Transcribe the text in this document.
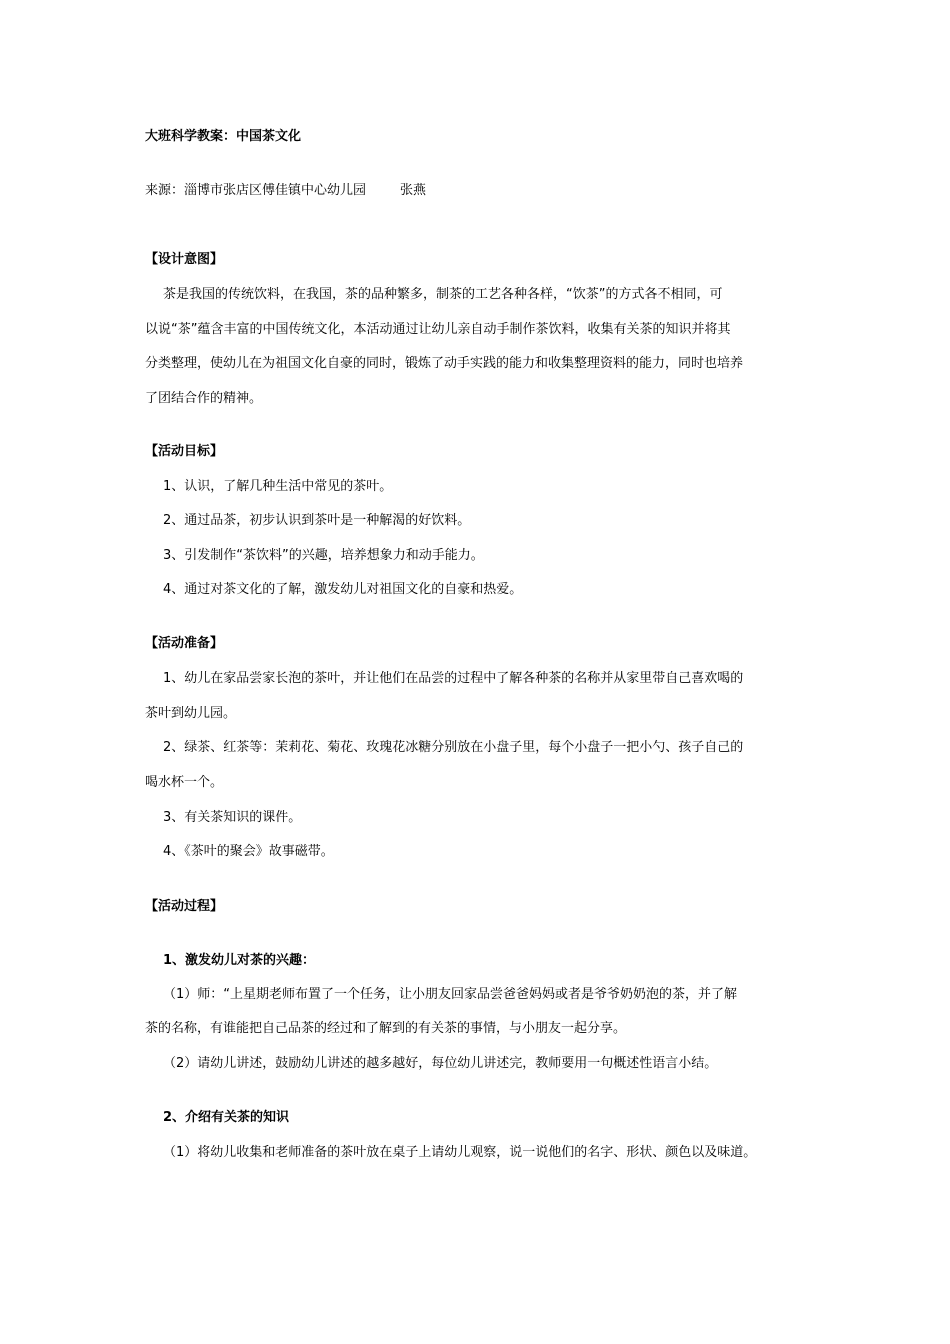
大班科学教案：中国茶文化
来源：淄博市张店区傅佳镇中心幼儿园	张燕
【设计意图】
茶是我国的传统饮料，在我国，茶的品种繁多，制茶的工艺各种各样，“饮茶”的方式各不相同，可
以说“茶”蕴含丰富的中国传统文化，本活动通过让幼儿亲自动手制作茶饮料，收集有关茶的知识并将其
分类整理，使幼儿在为祖国文化自豪的同时，锻炼了动手实践的能力和收集整理资料的能力，同时也培养
了团结合作的精神。
【活动目标】
1、认识，了解几种生活中常见的茶叶。
2、通过品茶，初步认识到茶叶是一种解渴的好饮料。
3、引发制作“茶饮料”的兴趣，培养想象力和动手能力。
4、通过对茶文化的了解，激发幼儿对祖国文化的自豪和热爱。
【活动准备】
1、幼儿在家品尝家长泡的茶叶，并让他们在品尝的过程中了解各种茶的名称并从家里带自己喜欢喝的
茶叶到幼儿园。
2、绿茶、红茶等：茉莉花、菊花、玫瑰花冰糖分别放在小盘子里，每个小盘子一把小勺、孩子自己的
喝水杯一个。
3、有关茶知识的课件。
4、《茶叶的聚会》故事磁带。
【活动过程】
1、激发幼儿对茶的兴趣：
（1）师：“上星期老师布置了一个任务，让小朋友回家品尝爸爸妈妈或者是爷爷奶奶泡的茶，并了解
茶的名称，有谁能把自己品茶的经过和了解到的有关茶的事情，与小朋友一起分享。
（2）请幼儿讲述，鼓励幼儿讲述的越多越好，每位幼儿讲述完，教师要用一句概述性语言小结。
2、介绍有关茶的知识
（1）将幼儿收集和老师准备的茶叶放在桌子上请幼儿观察，说一说他们的名字、形状、颜色以及味道。
